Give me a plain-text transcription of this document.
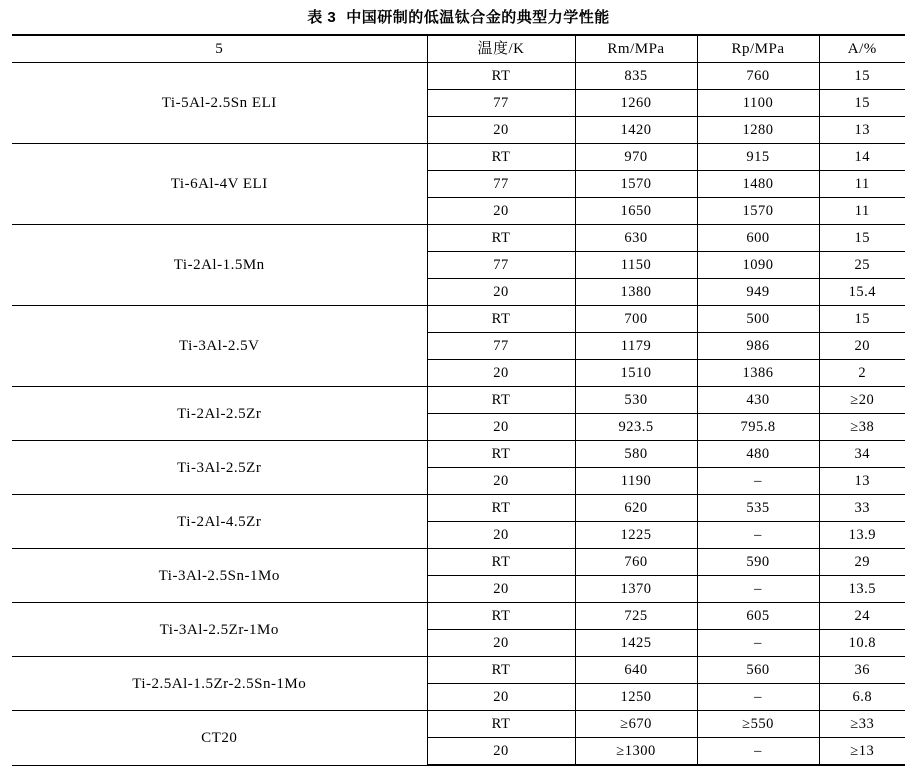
表 3 中国研制的低温钛合金的典型力学性能
5	温度/K	Rm/MPa	Rp/MPa	A/%
Ti-5Al-2.5Sn ELI	RT	835	760	15
	77	1260	1100	15
	20	1420	1280	13
Ti-6Al-4V ELI	RT	970	915	14
	77	1570	1480	11
	20	1650	1570	11
Ti-2Al-1.5Mn	RT	630	600	15
	77	1150	1090	25
	20	1380	949	15.4
Ti-3Al-2.5V	RT	700	500	15
	77	1179	986	20
	20	1510	1386	2
Ti-2Al-2.5Zr	RT	530	430	≥20
	20	923.5	795.8	≥38
Ti-3Al-2.5Zr	RT	580	480	34
	20	1190	–	13
Ti-2Al-4.5Zr	RT	620	535	33
	20	1225	–	13.9
Ti-3Al-2.5Sn-1Mo	RT	760	590	29
	20	1370	–	13.5
Ti-3Al-2.5Zr-1Mo	RT	725	605	24
	20	1425	–	10.8
Ti-2.5Al-1.5Zr-2.5Sn-1Mo	RT	640	560	36
	20	1250	–	6.8
CT20	RT	≥670	≥550	≥33
	20	≥1300	–	≥13
